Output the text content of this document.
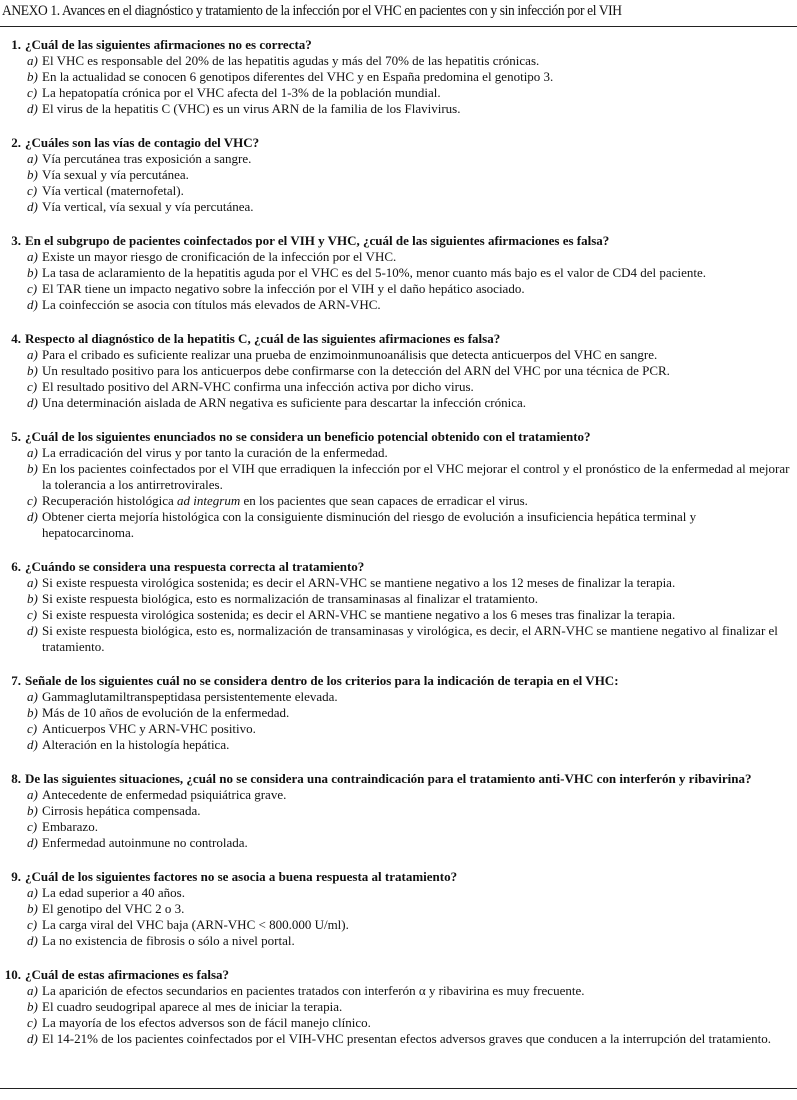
ANEXO 1. Avances en el diagnóstico y tratamiento de la infección por el VHC en pacientes con y sin infección por el VIH
1. ¿Cuál de las siguientes afirmaciones no es correcta?
a) El VHC es responsable del 20% de las hepatitis agudas y más del 70% de las hepatitis crónicas.
b) En la actualidad se conocen 6 genotipos diferentes del VHC y en España predomina el genotipo 3.
c) La hepatopatía crónica por el VHC afecta del 1-3% de la población mundial.
d) El virus de la hepatitis C (VHC) es un virus ARN de la familia de los Flavivirus.
2. ¿Cuáles son las vías de contagio del VHC?
a) Vía percutánea tras exposición a sangre.
b) Vía sexual y vía percutánea.
c) Vía vertical (maternofetal).
d) Vía vertical, vía sexual y vía percutánea.
3. En el subgrupo de pacientes coinfectados por el VIH y VHC, ¿cuál de las siguientes afirmaciones es falsa?
a) Existe un mayor riesgo de cronificación de la infección por el VHC.
b) La tasa de aclaramiento de la hepatitis aguda por el VHC es del 5-10%, menor cuanto más bajo es el valor de CD4 del paciente.
c) El TAR tiene un impacto negativo sobre la infección por el VIH y el daño hepático asociado.
d) La coinfección se asocia con títulos más elevados de ARN-VHC.
4. Respecto al diagnóstico de la hepatitis C, ¿cuál de las siguientes afirmaciones es falsa?
a) Para el cribado es suficiente realizar una prueba de enzimoinmunoanálisis que detecta anticuerpos del VHC en sangre.
b) Un resultado positivo para los anticuerpos debe confirmarse con la detección del ARN del VHC por una técnica de PCR.
c) El resultado positivo del ARN-VHC confirma una infección activa por dicho virus.
d) Una determinación aislada de ARN negativa es suficiente para descartar la infección crónica.
5. ¿Cuál de los siguientes enunciados no se considera un beneficio potencial obtenido con el tratamiento?
a) La erradicación del virus y por tanto la curación de la enfermedad.
b) En los pacientes coinfectados por el VIH que erradiquen la infección por el VHC mejorar el control y el pronóstico de la enfermedad al mejorar la tolerancia a los antirretrovirales.
c) Recuperación histológica ad integrum en los pacientes que sean capaces de erradicar el virus.
d) Obtener cierta mejoría histológica con la consiguiente disminución del riesgo de evolución a insuficiencia hepática terminal y hepatocarcinoma.
6. ¿Cuándo se considera una respuesta correcta al tratamiento?
a) Si existe respuesta virológica sostenida; es decir el ARN-VHC se mantiene negativo a los 12 meses de finalizar la terapia.
b) Si existe respuesta biológica, esto es normalización de transaminasas al finalizar el tratamiento.
c) Si existe respuesta virológica sostenida; es decir el ARN-VHC se mantiene negativo a los 6 meses tras finalizar la terapia.
d) Si existe respuesta biológica, esto es, normalización de transaminasas y virológica, es decir, el ARN-VHC se mantiene negativo al finalizar el tratamiento.
7. Señale de los siguientes cuál no se considera dentro de los criterios para la indicación de terapia en el VHC:
a) Gammaglutamiltranspeptidasa persistentemente elevada.
b) Más de 10 años de evolución de la enfermedad.
c) Anticuerpos VHC y ARN-VHC positivo.
d) Alteración en la histología hepática.
8. De las siguientes situaciones, ¿cuál no se considera una contraindicación para el tratamiento anti-VHC con interferón y ribavirina?
a) Antecedente de enfermedad psiquiátrica grave.
b) Cirrosis hepática compensada.
c) Embarazo.
d) Enfermedad autoinmune no controlada.
9. ¿Cuál de los siguientes factores no se asocia a buena respuesta al tratamiento?
a) La edad superior a 40 años.
b) El genotipo del VHC 2 o 3.
c) La carga viral del VHC baja (ARN-VHC < 800.000 U/ml).
d) La no existencia de fibrosis o sólo a nivel portal.
10. ¿Cuál de estas afirmaciones es falsa?
a) La aparición de efectos secundarios en pacientes tratados con interferón α y ribavirina es muy frecuente.
b) El cuadro seudogripal aparece al mes de iniciar la terapia.
c) La mayoría de los efectos adversos son de fácil manejo clínico.
d) El 14-21% de los pacientes coinfectados por el VIH-VHC presentan efectos adversos graves que conducen a la interrupción del tratamiento.
